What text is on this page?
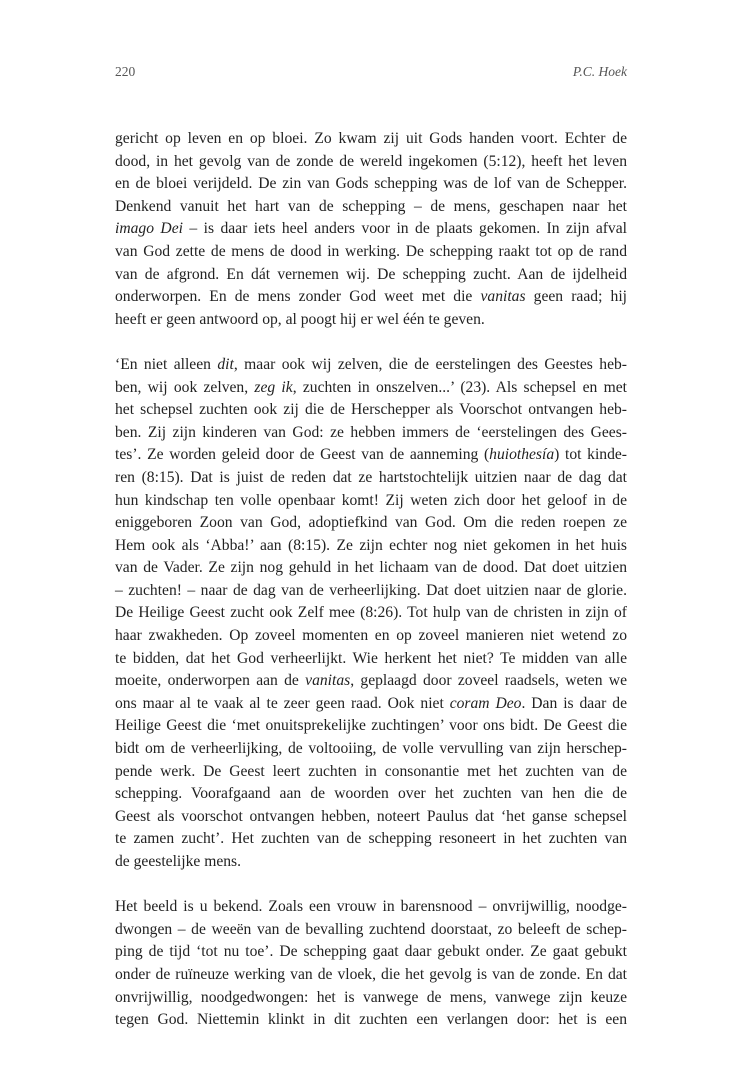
220	P.C. Hoek

gericht op leven en op bloei. Zo kwam zij uit Gods handen voort. Echter de
dood, in het gevolg van de zonde de wereld ingekomen (5:12), heeft het leven
en de bloei verijdeld. De zin van Gods schepping was de lof van de Schepper.
Denkend vanuit het hart van de schepping – de mens, geschapen naar het
imago Dei – is daar iets heel anders voor in de plaats gekomen. In zijn afval
van God zette de mens de dood in werking. De schepping raakt tot op de rand
van de afgrond. En dát vernemen wij. De schepping zucht. Aan de ijdelheid
onderworpen. En de mens zonder God weet met die vanitas geen raad; hij
heeft er geen antwoord op, al poogt hij er wel één te geven.

‘En niet alleen dit, maar ook wij zelven, die de eerstelingen des Geestes heb-
ben, wij ook zelven, zeg ik, zuchten in onszelven...’ (23). Als schepsel en met
het schepsel zuchten ook zij die de Herschepper als Voorschot ontvangen heb-
ben. Zij zijn kinderen van God: ze hebben immers de ‘eerstelingen des Gees-
tes’. Ze worden geleid door de Geest van de aanneming (huiothesía) tot kinde-
ren (8:15). Dat is juist de reden dat ze hartstochtelijk uitzien naar de dag dat
hun kindschap ten volle openbaar komt! Zij weten zich door het geloof in de
eniggeboren Zoon van God, adoptiefkind van God. Om die reden roepen ze
Hem ook als ‘Abba!’ aan (8:15). Ze zijn echter nog niet gekomen in het huis
van de Vader. Ze zijn nog gehuld in het lichaam van de dood. Dat doet uitzien
– zuchten! – naar de dag van de verheerlijking. Dat doet uitzien naar de glorie.
De Heilige Geest zucht ook Zelf mee (8:26). Tot hulp van de christen in zijn of
haar zwakheden. Op zoveel momenten en op zoveel manieren niet wetend zo
te bidden, dat het God verheerlijkt. Wie herkent het niet? Te midden van alle
moeite, onderworpen aan de vanitas, geplaagd door zoveel raadsels, weten we
ons maar al te vaak al te zeer geen raad. Ook niet coram Deo. Dan is daar de
Heilige Geest die ‘met onuitsprekelijke zuchtingen’ voor ons bidt. De Geest die
bidt om de verheerlijking, de voltooiing, de volle vervulling van zijn herschep-
pende werk. De Geest leert zuchten in consonantie met het zuchten van de
schepping. Voorafgaand aan de woorden over het zuchten van hen die de
Geest als voorschot ontvangen hebben, noteert Paulus dat ‘het ganse schepsel
te zamen zucht’. Het zuchten van de schepping resoneert in het zuchten van
de geestelijke mens.

Het beeld is u bekend. Zoals een vrouw in barensnood – onvrijwillig, noodge-
dwongen – de weeën van de bevalling zuchtend doorstaat, zo beleeft de schep-
ping de tijd ‘tot nu toe’. De schepping gaat daar gebukt onder. Ze gaat gebukt
onder de ruïneuze werking van de vloek, die het gevolg is van de zonde. En dat
onvrijwillig, noodgedwongen: het is vanwege de mens, vanwege zijn keuze
tegen God. Niettemin klinkt in dit zuchten een verlangen door: het is een
